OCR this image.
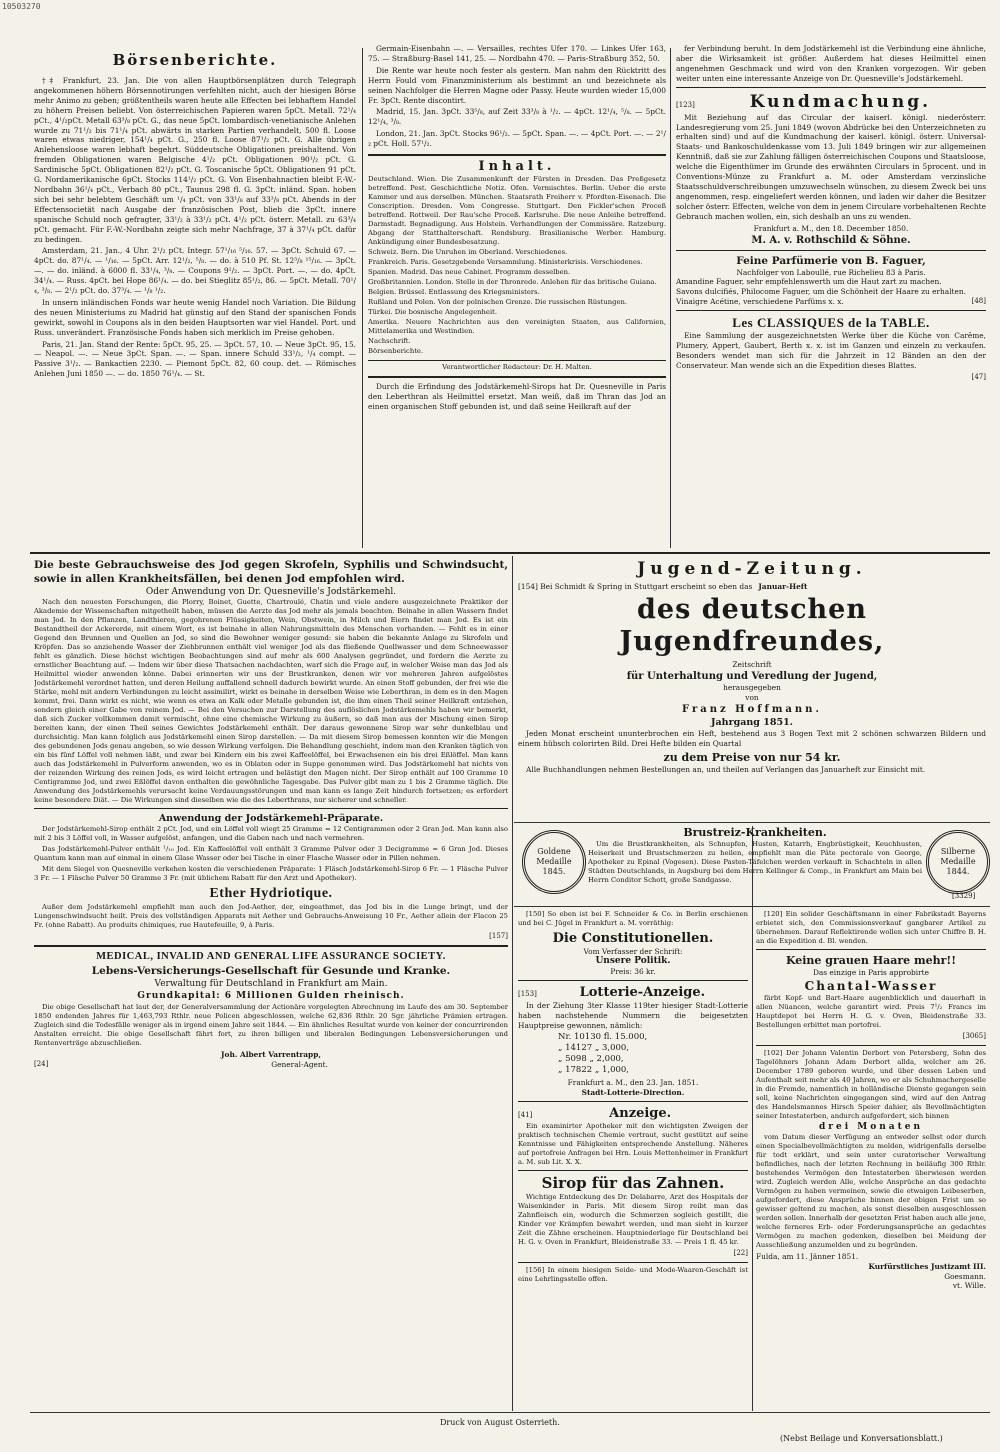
10503270
Börsenberichte.

†‡ Frankfurt, 23. Jan. Die von allen Hauptbörsenplätzen durch Telegraph angekommenen höhern Börsennotirungen verfehlten nicht, auch der hiesigen Börse mehr Animo zu geben; größtentheils waren heute alle Effecten bei lebhaftem Handel zu höhern Preisen beliebt. Von österreichischen Papieren waren 5pCt. Metall. 72¹/₄ pCt., 4¹/₂pCt. Metall 63³/₈ pCt. G., das neue 5pCt. lombardisch-venetianische Anlehen wurde zu 71¹/₂ bis 71¹/₄ pCt. abwärts in starken Partien verhandelt, 500 fl. Loose waren etwas niedriger, 154¹/₄ pCt. G., 250 fl. Loose 87¹/₂ pCt. G. Alle übrigen Anlehensloose waren lebhaft begehrt. Süddeutsche Obligationen preishaltend. Von fremden Obligationen waren Belgische 4¹/₂ pCt. Obligationen 90¹/₂ pCt. G. Sardinische 5pCt. Obligationen 82¹/₂ pCt. G. Toscanische 5pCt. Obligationen 91 pCt. G. Nordamerikanische 6pCt. Stocks 114¹/₂ pCt. G. Von Eisenbahnactien bleibt F.-W.-Nordbahn 36¹/₄ pCt., Verbach 80 pCt., Taunus 298 fl. G. 3pCt. inländ. Span. hoben sich bei sehr belebtem Geschäft um ¹/₄ pCt. von 33¹/₈ auf 33³/₈ pCt. Abends in der Effectensocietät nach Ausgabe der französischen Post, blieb die 3pCt. innere spanische Schuld noch gefragter, 33¹/₂ à 33¹/₂ pCt. 4¹/₂ pCt. österr. Metall. zu 63³/₄ pCt. gemacht. Für F.-W.-Nordbahn zeigte sich mehr Nachfrage, 37 à 37¹/₄ pCt. dafür zu bedingen.

Amsterdam, 21. Jan., 4 Uhr. 2¹/₂ pCt. Integr. 57¹/₁₆ ⁵/₁₆. 57. — 3pCt. Schuld 67. — 4pCt. do. 87¹/₄. — ¹/₁₆. — 5pCt. Arr. 12¹/₂, ⁵/₈. — do. à 510 Pf. St. 12³/₈ ¹⁵/₁₆. — 3pCt. —. — do. inländ. à 6000 fl. 33¹/₄, ³/₈. — Coupons 9¹/₂. — 3pCt. Port. —. — do. 4pCt. 34¹/₄. — Russ. 4pCt. bei Hope 86¹/₄. — do. bei Stieglitz 85¹/₂, 86. — 5pCt. Metall. 70¹/₄, ³/₈. — 2¹/₂ pCt. do. 37³/₄. — ¹/₈ ¹/₂.

In unsern inländischen Fonds war heute wenig Handel noch Variation. Die Bildung des neuen Ministeriums zu Madrid hat günstig auf den Stand der spanischen Fonds gewirkt, sowohl in Coupons als in den beiden Hauptsorten war viel Handel. Port. und Russ. unverändert. Französische Fonds haben sich merklich im Preise gehoben.

Paris, 21. Jan. Stand der Rente: 5pCt. 95, 25. — 3pCt. 57, 10. — Neue 3pCt. 95, 15. — Neapol. —. — Neue 3pCt. Span. —. — Span. innere Schuld 33¹/₂, ¹/₄ compt. — Passive 3¹/₂. — Bankactien 2230. — Piemont 5pCt. 82, 60 coup. det. — Römisches Anlehen Juni 1850 —. — do. 1850 76¹/₄. — St.

Germain-Eisenbahn —. — Versailles, rechtes Ufer 170. — Linkes Ufer 163, 75. — Straßburg-Basel 141, 25. — Nordbahn 470. — Paris-Straßburg 352, 50.

Die Rente war heute noch fester als gestern. Man nahm den Rücktritt des Herrn Fould vom Finanzministerium als bestimmt an und bezeichnete als seinen Nachfolger die Herren Magne oder Passy. Heute wurden wieder 15,000 Fr. 3pCt. Rente discontirt.

Madrid, 15. Jan. 3pCt. 33⁵/₈, auf Zeit 33³/₈ à ¹/₂. — 4pCt. 12¹/₄, ⁵/₈. — 5pCt. 12¹/₄, ³/₈.

London, 21. Jan. 3pCt. Stocks 96¹/₂. — 5pCt. Span. —. — 4pCt. Port. —. — 2¹/₂ pCt. Holl. 57¹/₂.

Inhalt.

Deutschland. Wien. Die Zusammenkunft der Fürsten in Dresden. Das Preßgesetz betreffend. Pest. Geschichtliche Notiz. Ofen. Vermischtes. Berlin. Ueber die erste Kammer und aus derselben. München. Staatsrath Freiherr v. Pfordten-Eisenach. Die Conscription. Dresden. Vom Congresse. Stuttgart. Den Fickler'schen Proceß betreffend. Rottweil. Der Rau'sche Proceß. Karlsruhe. Die neue Anleihe betreffend. Darmstadt. Begnadigung. Aus Holstein. Verhandlungen der Commissäre. Ratzeburg. Abgang der Statthalterschaft. Rendsburg. Brasilianische Werber. Hamburg. Ankündigung einer Bundesbesatzung.

Schweiz. Bern. Die Unruhen im Oberland. Verschiedenes.

Frankreich. Paris. Gesetzgebende Versammlung. Ministerkrisis. Verschiedenes.

Spanien. Madrid. Das neue Cabinet. Programm desselben.

Großbritannien. London. Stelle in der Thronrede. Anlehen für das britische Guiana.

Belgien. Brüssel. Entlassung des Kriegsministers.

Rußland und Polen. Von der polnischen Grenze. Die russischen Rüstungen.

Türkei. Die bosnische Angelegenheit.

Amerika. Neuere Nachrichten aus den vereinigten Staaten, aus Californien, Mittelamerika und Westindien.

Nachschrift.

Börsenberichte.

Verantwortlicher Redacteur: Dr. H. Malten.

Durch die Erfindung des Jodstärkemehl-Sirops hat Dr. Quesneville in Paris den Leberthran als Heilmittel ersetzt. Man weiß, daß im Thran das Jod an einen organischen Stoff gebunden ist, und daß seine Heilkraft auf der

fer Verbindung beruht. In dem Jodstärkemehl ist die Verbindung eine ähnliche, aber die Wirksamkeit ist größer. Außerdem hat dieses Heilmittel einen angenehmen Geschmack und wird von den Kranken vorgezogen. Wir geben weiter unten eine interessante Anzeige von Dr. Quesneville's Jodstärkemehl.

[123]	Kundmachung.

Mit Beziehung auf das Circular der kaiserl. königl. niederösterr. Landesregierung vom 25. Juni 1849 (wovon Abdrücke bei den Unterzeichneten zu erhalten sind) und auf die Kundmachung der kaiserl. königl. österr. Universal-Staats- und Bankoschuldenkasse vom 13. Juli 1849 bringen wir zur allgemeinen Kenntniß, daß sie zur Zahlung fälligen österreichischen Coupons und Staatsloose, welche die Eigenthümer im Grunde des erwähnten Circulars in 5procent. und in Conventions-Münze zu Frankfurt a. M. oder Amsterdam verzinsliche Staatsschuldverschreibungen umzuwechseln wünschen, zu diesem Zweck bei uns angenommen, resp. eingeliefert werden können, und laden wir daher die Besitzer solcher österr. Effecten, welche von dem in jenem Circulare vorbehaltenen Rechte Gebrauch machen wollen, ein, sich deshalb an uns zu wenden.

Frankfurt a. M., den 18. December 1850.
M. A. v. Rothschild & Söhne.
Feine Parfümerie von B. Faguer,
Nachfolger von Laboullé, rue Richelieu 83 à Paris.
Amandine Faguer, sehr empfehlenswerth um die Haut zart zu machen.
Savons dulcifiés, Philocome Faguer, um die Schönheit der Haare zu erhalten.
Vinaigre Acétine, verschiedene Parfüms x. x.	[48]
Les CLASSIQUES de la TABLE.

Eine Sammlung der ausgezeichnetsten Werke über die Küche von Carême, Plumery, Appert, Gaubert, Berth x. x. ist im Ganzen und einzeln zu verkaufen. Besonders wendet man sich für die Jahrzeit in 12 Bänden an den der Conservateur. Man wende sich an die Expedition dieses Blattes.

[47]
Die beste Gebrauchsweise des Jod gegen Skrofeln, Syphilis und Schwindsucht, sowie in allen Krankheitsfällen, bei denen Jod empfohlen wird.
Oder Anwendung von Dr. Quesneville's Jodstärkemehl.

Nach den neuesten Forschungen, die Plorry, Boinet, Guette, Chartroulé, Chatin und viele andere ausgezeichnete Praktiker der Akademie der Wissenschaften mitgetheilt haben, müssen die Aerzte das Jod mehr als jemals beachten. Beinahe in allen Wassern findet man Jod. In den Pflanzen, Landthieren, gegohrenen Flüssigkeiten, Wein, Obstwein, in Milch und Eiern findet man Jod. Es ist ein Bestandtheil der Ackererde, mit einem Wort, es ist beinahe in allen Nahrungsmitteln des Menschen vorhanden. — Fehlt es in einer Gegend den Brunnen und Quellen an Jod, so sind die Bewohner weniger gesund: sie haben die bekannte Anlage zu Skrofeln und Kröpfen. Das so anziehende Wasser der Ziehbrunnen enthält viel weniger Jod als das fließende Quellwasser und dem Schneewasser fehlt es gänzlich. Diese höchst wichtigen Beobachtungen sind auf mehr als 600 Analysen gegründet, und fordern die Aerzte zu ernstlicher Beachtung auf. — Indem wir über diese Thatsachen nachdachten, warf sich die Frage auf, in welcher Weise man das Jod als Heilmittel wieder anwenden könne. Dabei erinnerten wir uns der Brustkranken, denen wir vor mehreren Jahren aufgelöstes Jodstärkemehl verordnet hatten, und deren Heilung auffallend schnell dadurch bewirkt wurde. An einen Stoff gebunden, der frei wie die Stärke, mehl mit andern Verbindungen zu leicht assimilirt, wirkt es beinahe in derselben Weise wie Leberthran, in dem es in den Magen kommt, frei. Dann wirkt es nicht, wie wenn es etwa an Kalk oder Metalle gebunden ist, die ihm einen Theil seiner Heilkraft entziehen, sondern gleich einer Gabe von reinem Jod. — Bei den Versuchen zur Darstellung des auflöslichen Jodstärkemehls haben wir bemerkt, daß sich Zucker vollkommen damit vermischt, ohne eine chemische Wirkung zu äußern, so daß man aus der Mischung einen Sirop bereiten kann, der einen Theil seines Gewichtes Jodstärkemehl enthält. Der daraus gewonnene Sirop war sehr dunkelblau und durchsichtig. Man kann folglich aus Jodstärkemehl einen Sirop darstellen. — Da mit diesem Sirop bemessen konnten wir die Mengen des gebundenen Jods genau angeben, so wie dessen Wirkung verfolgen. Die Behandlung geschieht, indem man den Kranken täglich von ein bis fünf Löffel voll nehmen läßt, und zwar bei Kindern ein bis zwei Kaffeelöffel, bei Erwachsenen ein bis drei Eßlöffel. Man kann auch das Jodstärkemehl in Pulverform anwenden, wo es in Oblaten oder in Suppe genommen wird. Das Jodstärkemehl hat nichts von der reizenden Wirkung des reinen Jods, es wird leicht ertragen und belästigt den Magen nicht. Der Sirop enthält auf 100 Gramme 10 Centigramme Jod, und zwei Eßlöffel davon enthalten die gewöhnliche Tagesgabe. Das Pulver gibt man zu 1 bis 2 Gramme täglich. Die Anwendung des Jodstärkemehls verursacht keine Verdauungsstörungen und man kann es lange Zeit hindurch fortsetzen; es erfordert keine besondere Diät. — Die Wirkungen sind dieselben wie die des Leberthrans, nur sicherer und schneller.

Anwendung der Jodstärkemehl-Präparate.

Der Jodstärkemehl-Sirop enthält 2 pCt. Jod, und ein Löffel voll wiegt 25 Gramme = 12 Centigrammen oder 2 Gran Jod. Man kann also mit 2 bis 3 Löffel voll, in Wasser aufgelöst, anfangen, und die Gaben nach und nach vermehren.

Das Jodstärkemehl-Pulver enthält ¹/₁₀ Jod. Ein Kaffeelöffel voll enthält 3 Gramme Pulver oder 3 Decigramme = 6 Gran Jod. Dieses Quantum kann man auf einmal in einem Glase Wasser oder bei Tische in einer Flasche Wasser oder in Pillen nehmen.

Mit dem Siegel von Quesneville verkehen kosten die verschiedenen Präparate: 1 Fläsch Jodstärkemehl-Sirop 6 Fr. — 1 Fläsche Pulver 3 Fr. — 1 Fläsche Pulver 50 Gramme 3 Fr. (mit üblichem Rabatt für den Arzt und Apotheker).

Ether Hydriotique.

Außer dem Jodstärkemehl empfiehlt man auch den Jod-Aether, der, eingeathmet, das Jod bis in die Lunge bringt, und der Lungenschwindsucht heilt. Preis des vollständigen Apparats mit Aether und Gebrauchs-Anweisung 10 Fr., Aether allein der Flacon 25 Fr. (ohne Rabatt). Au produits chimiques, rue Hautefeuille, 9, à Paris.

[157]
MEDICAL, INVALID AND GENERAL LIFE ASSURANCE SOCIETY.
Lebens-Versicherungs-Gesellschaft für Gesunde und Kranke.
Verwaltung für Deutschland in Frankfurt am Main.
Grundkapital: 6 Millionen Gulden rheinisch.

Die obige Gesellschaft hat laut der, der Generalversammlung der Actionäre vorgelegten Abrechnung im Laufe des am 30. September 1850 endenden Jahres für 1,463,793 Rthlr. neue Policen abgeschlossen, welche 62,836 Rthlr. 20 Sgr. jährliche Prämien ertragen. Zugleich sind die Todesfälle weniger als in irgend einem Jahre seit 1844. — Ein ähnliches Resultat wurde von keiner der concurrirenden Anstalten erreicht. Die obige Gesellschaft fährt fort, zu ihren billigen und liberalen Bedingungen Lebensversicherungen und Rentenverträge abzuschließen.

Joh. Albert Varrentrapp,
[24]	General-Agent.
Jugend-Zeitung.
[154] Bei Schmidt & Spring in Stuttgart erscheint so eben das Januar-Heft
des deutschen Jugendfreundes,
Zeitschrift
für Unterhaltung und Veredlung der Jugend,
herausgegeben
von
Franz Hoffmann.
Jahrgang 1851.

Jeden Monat erscheint ununterbrochen ein Heft, bestehend aus 3 Bogen Text mit 2 schönen schwarzen Bildern und einem hübsch colorirten Bild. Drei Hefte bilden ein Quartal

zu dem Preise von nur 54 kr.

Alle Buchhandlungen nehmen Bestellungen an, und theilen auf Verlangen das Januarheft zur Einsicht mit.

Goldene Medaille 1845.
Silberne Medaille 1844.
Brustreiz-Krankheiten.

Um die Brustkrankheiten, als Schnupfen, Husten, Katarrh, Engbrüstigkeit, Keuchhusten, Heiserkeit und Brustschmerzen zu heilen, empfiehlt man die Pâte pectorale von George, Apotheker zu Epinal (Vogesen). Diese Pasten-Täfelchen werden verkauft in Schachteln in allen Städten Deutschlands, in Augsburg bei dem Herrn Kellinger & Comp., in Frankfurt am Main bei Herrn Conditor Schott, große Sandgasse.

[3329]

[150] So eben ist bei F. Schneider & Co. in Berlin erschienen und bei C. Jügel in Frankfurt a. M. vorräthig:

Die Constitutionellen.
Vom Verfasser der Schrift:
Unsere Politik.
Preis: 36 kr.
[153]	Lotterie-Anzeige.

In der Ziehung 3ter Klasse 119ter hiesiger Stadt-Lotterie haben nachstehende Nummern die beigesetzten Hauptpreise gewonnen, nämlich:

Nr. 10130 fl. 15.000,
„ 14127 „ 3,000,
„ 5098 „ 2,000,
„ 17822 „ 1,000,
Frankfurt a. M., den 23. Jan. 1851.
Stadt-Lotterie-Direction.
[41]	Anzeige.

Ein examinirter Apotheker mit den wichtigsten Zweigen der praktisch technischen Chemie vertraut, sucht gestützt auf seine Kenntnisse und Fähigkeiten entsprechende Anstellung. Näheres auf portofreie Anfragen bei Hrn. Louis Mettenheimer in Frankfurt a. M. sub Lit. X. X.

Sirop für das Zahnen.

Wichtige Entdeckung des Dr. Delabarre, Arzt des Hospitals der Waisenkinder in Paris. Mit diesem Sirop reibt man das Zahnfleisch ein, wodurch die Schmerzen sogleich gestillt, die Kinder vor Krämpfen bewahrt werden, und man sieht in kurzer Zeit die Zähne erscheinen. Hauptniederlage für Deutschland bei H. G. v. Oven in Frankfurt, Bleidenstraße 33. — Preis 1 fl. 45 kr.

[22]

[156] In einem hiesigen Seide- und Mode-Waaren-Geschäft ist eine Lehrlingsstelle offen.

[120] Ein solider Geschäftsmann in einer Fabrikstadt Bayerns erbietet sich, den Commissionsverkauf gangbarer Artikel zu übernehmen. Darauf Reflektirende wollen sich unter Chiffre B. H. an die Expedition d. Bl. wenden.

Keine grauen Haare mehr!!
Das einzige in Paris approbirte
Chantal-Wasser

färbt Kopf- und Bart-Haare augenblicklich und dauerhaft in allen Nüancen, welche garantirt wird. Preis 7¹/₂ Francs im Hauptdepot bei Herrn H. G. v. Oven, Bleidenstraße 33. Bestellungen erbittet man portofrei.

[3065]

[102] Der Johann Valentin Derbort von Petersberg, Sohn des Tagelöhners Johann Adam Derbort allda, welcher am 26. December 1789 geboren wurde, und über dessen Leben und Aufenthalt seit mehr als 40 Jahren, wo er als Schuhmachergeselle in die Fremde, namentlich in holländische Dienste gegangen sein soll, keine Nachrichten eingegangen sind, wird auf den Antrag des Handelsmannes Hirsch Speier dahier, als Bevollmächtigten seiner Intestaterben, andurch aufgefordert, sich binnen

drei Monaten

vom Datum dieser Verfügung an entweder selbst oder durch einen Specialbevollmächtigten zu melden, widrigenfalls derselbe für todt erklärt, und sein unter curatorischer Verwaltung befindliches, nach der letzten Rechnung in beiläufig 300 Rthlr. bestehendes Vermögen den Intestaterben überwiesen werden wird. Zugleich werden Alle, welche Ansprüche an das gedachte Vermögen zu haben vermeinen, sowie die etwaigen Leibeserben, aufgefordert, diese Ansprüche binnen der obigen Frist um so gewisser geltend zu machen, als sonst dieselben ausgeschlossen werden sollen. Innerhalb der gesetzten Frist haben auch alle jene, welche ferneres Erb- oder Forderungsansprüche an gedachtes Vermögen zu machen gedenken, dieselben bei Meidung der Ausschließung anzumelden und zu begründen.

Fulda, am 11. Jänner 1851.
Kurfürstliches Justizamt III.
Goesmann.
vt. Wille.
Druck von August Osterrieth.
(Nebst Beilage und Konversationsblatt.)
